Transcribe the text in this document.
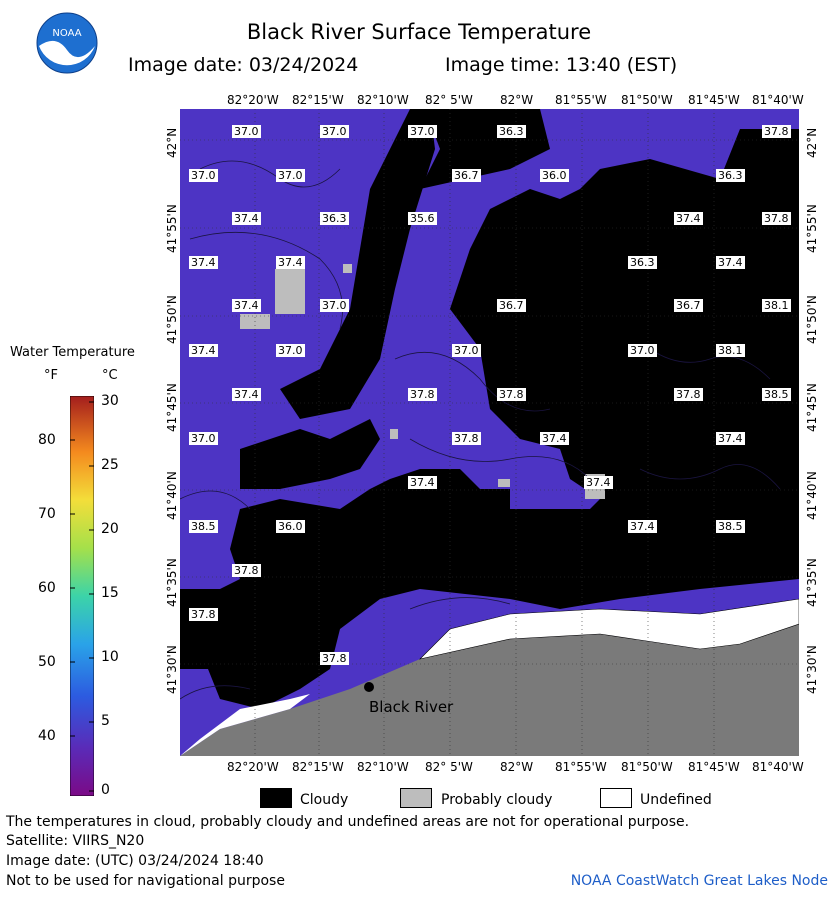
NOAA	Black River Surface Temperature
Image date: 03/24/2024	Image time: 13:40 (EST)
82°20'W 82°15'W 82°10'W 82° 5'W 82°W 81°55'W 81°50'W 81°45'W 81°40'W
82°20'W 82°15'W 82°10'W 82° 5'W 82°W 81°55'W 81°50'W 81°45'W 81°40'W
42°N
41°55'N
41°50'N
41°45'N
41°40'N
41°35'N
41°30'N
42°N
41°55'N
41°50'N
41°45'N
41°40'N
41°35'N
41°30'N
37.0	37.0	37.0	36.3	37.8
37.0	37.0	36.7	36.0	36.3
37.4	36.3	35.6	37.4	37.8
37.4	37.4	36.3	37.4
37.4	37.0	36.7	36.7	38.1
37.4	37.0	37.0	37.0	38.1
37.4	37.8	37.8	37.8	38.5
37.0	37.8	37.4	37.4
37.4	37.4
38.5	36.0	37.4	38.5
37.8
37.8
37.8
Black River
Water Temperature
°F	°C
80
70
60
50
40
30
25
20
15
10
5
0
Cloudy	Probably cloudy	Undefined
The temperatures in cloud, probably cloudy and undefined areas are not for operational purpose.
Satellite: VIIRS_N20
Image date: (UTC) 03/24/2024 18:40
Not to be used for navigational purpose	NOAA CoastWatch Great Lakes Node
